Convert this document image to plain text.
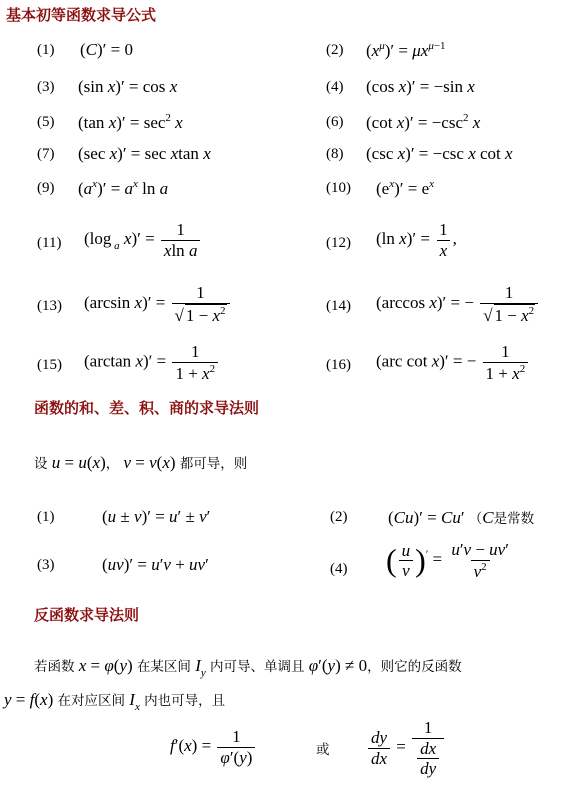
基本初等函数求导公式
(1) (C)′ = 0	(2) $(x^\mu)' = \mu x^{\mu-1}$
(3) (sin x)′ = cos x	(4) (cos x)′ = −sin x
(5) (tan $x)' = \sec^2 x$	(6) (cot $x)' = -\csc^2$ x
(7) (sec x)′ = sec xtan x	(8) (csc x)′ = −csc x cot x
(9) $(a^x)' = a^x$ ln a	(10) $(e^x)' = e^x$
(11) (log $_a$ $x)' = \frac{1}{\text{xln a}}$	(12) (ln $x)' = \frac{1}{x}$ ,
(13) (arcsin $x)' = \frac{1}{√ 1 - x^2}$	(14) (arccos x)′ = − $\frac{1}{√ 1 - x^2}$
(15) (arctan $x)' = \frac{1}{1 + x^2}$	(16) (arc cot x)′ = − $\frac{1}{1 + x^2}$
函数的和、差、积、商的求导法则
设 u = u(x)， v = v(x) 都可导，则
(1)	(u ± v)′ = u′ ± v′	(2) (Cu)′ = Cu′ （C是常数
(3)	(uv)′ = u′v + uv′	(4) ( $\frac{u}{v} )' = \frac{u'v - uv'}{v^2}$
反函数求导法则
若函数 x = φ(y) 在某区间 $I_y$ 内可导、单调且 φ′(y) ≠ 0，则它的反函数
y = f(x) 在对应区间 $I_x$ 内也可导，且
$f'(x) = \frac{1}{\varphi'(y)}$	或 $\frac{dy}{dx} = \frac{1}{\frac{dx}{dy}}$
